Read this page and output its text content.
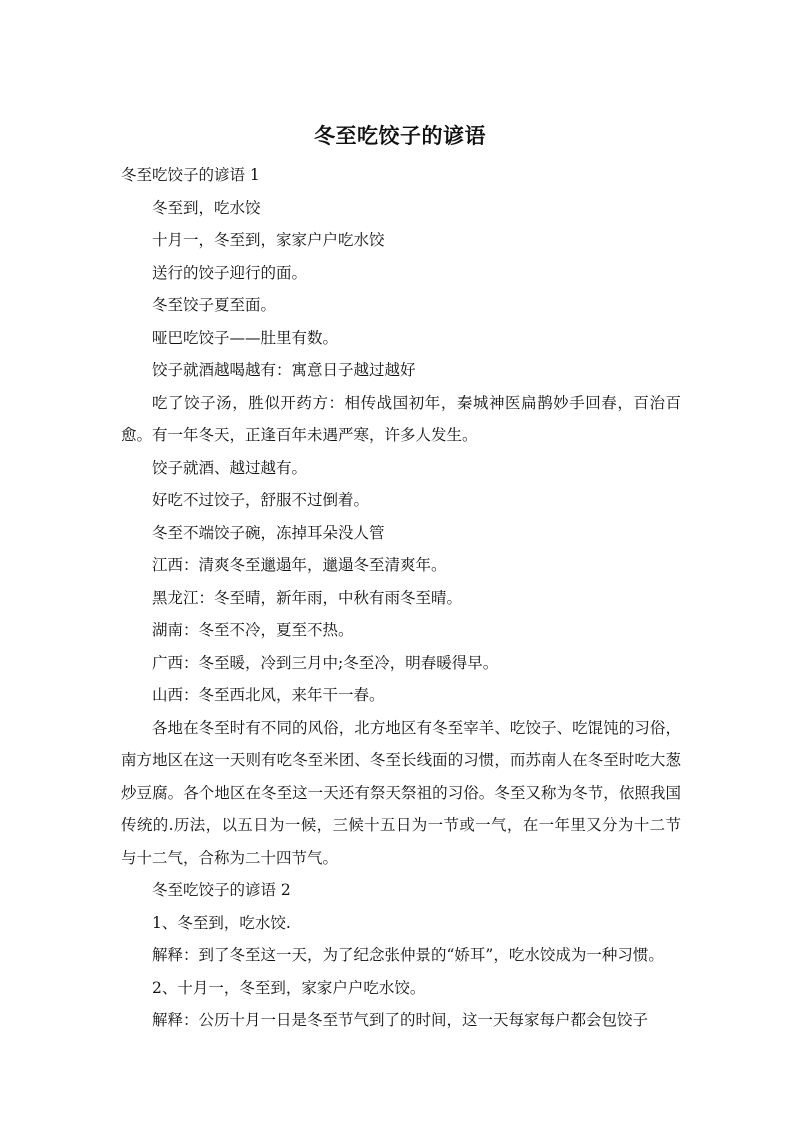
冬至吃饺子的谚语

冬至吃饺子的谚语 1

冬至到，吃水饺

十月一，冬至到，家家户户吃水饺

送行的饺子迎行的面。

冬至饺子夏至面。

哑巴吃饺子——肚里有数。

饺子就酒越喝越有：寓意日子越过越好

吃了饺子汤，胜似开药方：相传战国初年，秦城神医扁鹊妙手回春，百治百愈。有一年冬天，正逢百年未遇严寒，许多人发生。

饺子就酒、越过越有。

好吃不过饺子，舒服不过倒着。

冬至不端饺子碗，冻掉耳朵没人管

江西：清爽冬至邋遢年，邋遢冬至清爽年。

黑龙江：冬至晴，新年雨，中秋有雨冬至晴。

湖南：冬至不冷，夏至不热。

广西：冬至暖，冷到三月中;冬至冷，明春暖得早。

山西：冬至西北风，来年干一春。

各地在冬至时有不同的风俗，北方地区有冬至宰羊、吃饺子、吃馄饨的习俗，南方地区在这一天则有吃冬至米团、冬至长线面的习惯，而苏南人在冬至时吃大葱炒豆腐。各个地区在冬至这一天还有祭天祭祖的习俗。冬至又称为冬节，依照我国传统的.历法，以五日为一候，三候十五日为一节或一气，在一年里又分为十二节与十二气，合称为二十四节气。

冬至吃饺子的谚语 2

1、冬至到，吃水饺.

解释：到了冬至这一天，为了纪念张仲景的“娇耳”，吃水饺成为一种习惯。

2、十月一，冬至到，家家户户吃水饺。

解释：公历十月一日是冬至节气到了的时间，这一天每家每户都会包饺子
